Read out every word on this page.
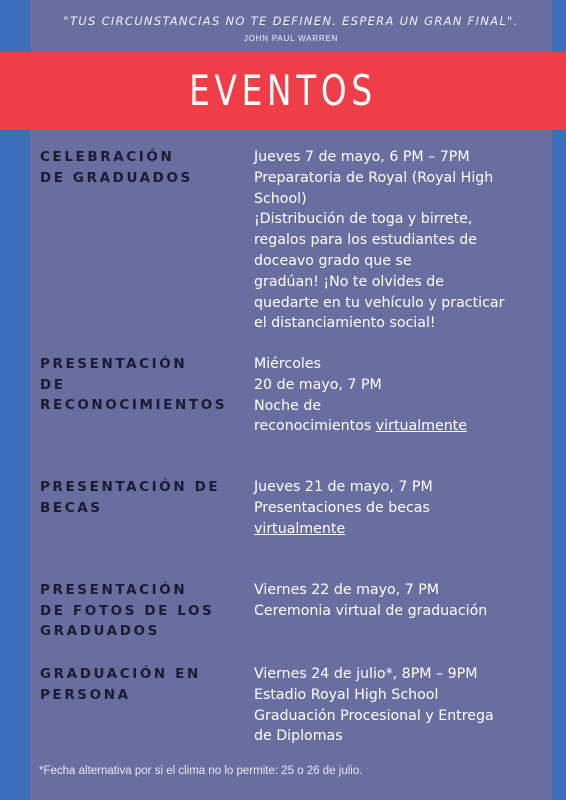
"TUS CIRCUNSTANCIAS NO TE DEFINEN. ESPERA UN GRAN FINAL".
JOHN PAUL WARREN
EVENTOS
CELEBRACIÓN
DE GRADUADOS
Jueves 7 de mayo, 6 PM – 7PM
Preparatoria de Royal (Royal High
School)
¡Distribución de toga y birrete,
regalos para los estudiantes de
doceavo grado que se
gradúan! ¡No te olvides de
quedarte en tu vehículo y practicar
el distanciamiento social!
PRESENTACIÓN
DE
RECONOCIMIENTOS
Miércoles
20 de mayo, 7 PM
Noche de
reconocimientos virtualmente
PRESENTACIÓN DE
BECAS
Jueves 21 de mayo, 7 PM
Presentaciones de becas
virtualmente
PRESENTACIÓN
DE FOTOS DE LOS
GRADUADOS
Viernes 22 de mayo, 7 PM
Ceremonia virtual de graduación
GRADUACIÓN EN
PERSONA
Viernes 24 de julio*, 8PM – 9PM
Estadio Royal High School
Graduación Procesional y Entrega
de Diplomas
*Fecha alternativa por si el clima no lo permite: 25 o 26 de julio.
